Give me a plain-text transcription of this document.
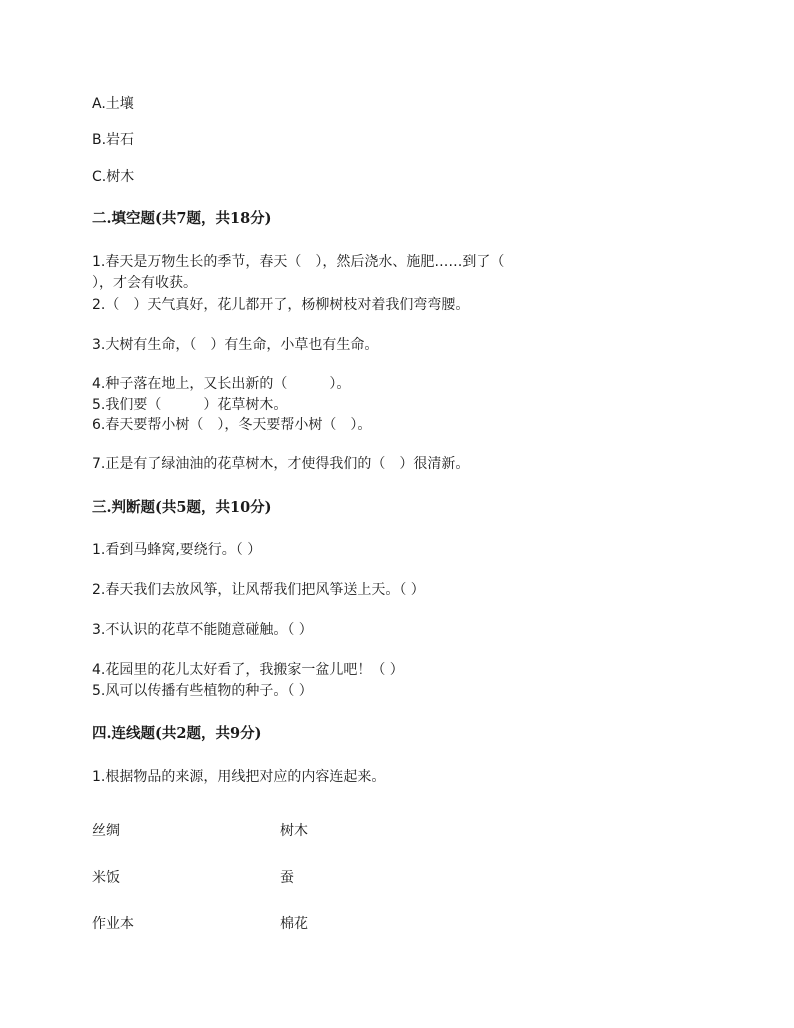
A.土壤
B.岩石
C.树木
二.填空题(共7题，共18分)
1.春天是万物生长的季节，春天（　），然后浇水、施肥……到了（
），才会有收获。
2.（　）天气真好，花儿都开了，杨柳树枝对着我们弯弯腰。
3.大树有生命，（　）有生命，小草也有生命。
4.种子落在地上，又长出新的（　　　）。
5.我们要（　　　）花草树木。
6.春天要帮小树（　），冬天要帮小树（　）。
7.正是有了绿油油的花草树木，才使得我们的（　）很清新。
三.判断题(共5题，共10分)
1.看到马蜂窝,要绕行。（ ）
2.春天我们去放风筝，让风帮我们把风筝送上天。（ ）
3.不认识的花草不能随意碰触。（ ）
4.花园里的花儿太好看了，我搬家一盆儿吧！（ ）
5.风可以传播有些植物的种子。（ ）
四.连线题(共2题，共9分)
1.根据物品的来源，用线把对应的内容连起来。
丝绸	树木
米饭	蚕
作业本	棉花
